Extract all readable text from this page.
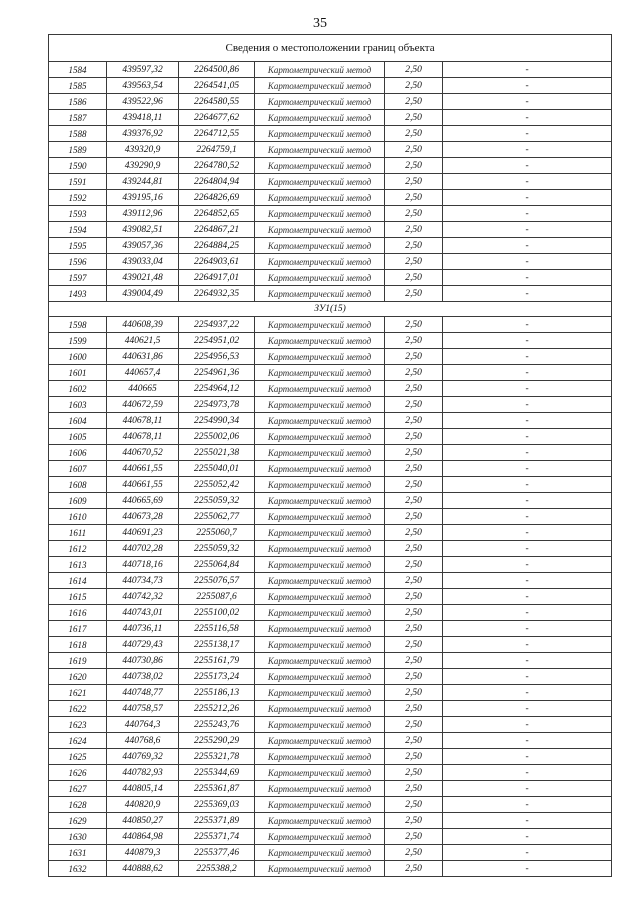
35
Сведения о местоположении границ объекта					
1584	439597,32	2264500,86	Картометрический метод	2,50	-
1585	439563,54	2264541,05	Картометрический метод	2,50	-
1586	439522,96	2264580,55	Картометрический метод	2,50	-
1587	439418,11	2264677,62	Картометрический метод	2,50	-
1588	439376,92	2264712,55	Картометрический метод	2,50	-
1589	439320,9	2264759,1	Картометрический метод	2,50	-
1590	439290,9	2264780,52	Картометрический метод	2,50	-
1591	439244,81	2264804,94	Картометрический метод	2,50	-
1592	439195,16	2264826,69	Картометрический метод	2,50	-
1593	439112,96	2264852,65	Картометрический метод	2,50	-
1594	439082,51	2264867,21	Картометрический метод	2,50	-
1595	439057,36	2264884,25	Картометрический метод	2,50	-
1596	439033,04	2264903,61	Картометрический метод	2,50	-
1597	439021,48	2264917,01	Картометрический метод	2,50	-
1493	439004,49	2264932,35	Картометрический метод	2,50	-
ЗУ1(15)					
1598	440608,39	2254937,22	Картометрический метод	2,50	-
1599	440621,5	2254951,02	Картометрический метод	2,50	-
1600	440631,86	2254956,53	Картометрический метод	2,50	-
1601	440657,4	2254961,36	Картометрический метод	2,50	-
1602	440665	2254964,12	Картометрический метод	2,50	-
1603	440672,59	2254973,78	Картометрический метод	2,50	-
1604	440678,11	2254990,34	Картометрический метод	2,50	-
1605	440678,11	2255002,06	Картометрический метод	2,50	-
1606	440670,52	2255021,38	Картометрический метод	2,50	-
1607	440661,55	2255040,01	Картометрический метод	2,50	-
1608	440661,55	2255052,42	Картометрический метод	2,50	-
1609	440665,69	2255059,32	Картометрический метод	2,50	-
1610	440673,28	2255062,77	Картометрический метод	2,50	-
1611	440691,23	2255060,7	Картометрический метод	2,50	-
1612	440702,28	2255059,32	Картометрический метод	2,50	-
1613	440718,16	2255064,84	Картометрический метод	2,50	-
1614	440734,73	2255076,57	Картометрический метод	2,50	-
1615	440742,32	2255087,6	Картометрический метод	2,50	-
1616	440743,01	2255100,02	Картометрический метод	2,50	-
1617	440736,11	2255116,58	Картометрический метод	2,50	-
1618	440729,43	2255138,17	Картометрический метод	2,50	-
1619	440730,86	2255161,79	Картометрический метод	2,50	-
1620	440738,02	2255173,24	Картометрический метод	2,50	-
1621	440748,77	2255186,13	Картометрический метод	2,50	-
1622	440758,57	2255212,26	Картометрический метод	2,50	-
1623	440764,3	2255243,76	Картометрический метод	2,50	-
1624	440768,6	2255290,29	Картометрический метод	2,50	-
1625	440769,32	2255321,78	Картометрический метод	2,50	-
1626	440782,93	2255344,69	Картометрический метод	2,50	-
1627	440805,14	2255361,87	Картометрический метод	2,50	-
1628	440820,9	2255369,03	Картометрический метод	2,50	-
1629	440850,27	2255371,89	Картометрический метод	2,50	-
1630	440864,98	2255371,74	Картометрический метод	2,50	-
1631	440879,3	2255377,46	Картометрический метод	2,50	-
1632	440888,62	2255388,2	Картометрический метод	2,50	-
